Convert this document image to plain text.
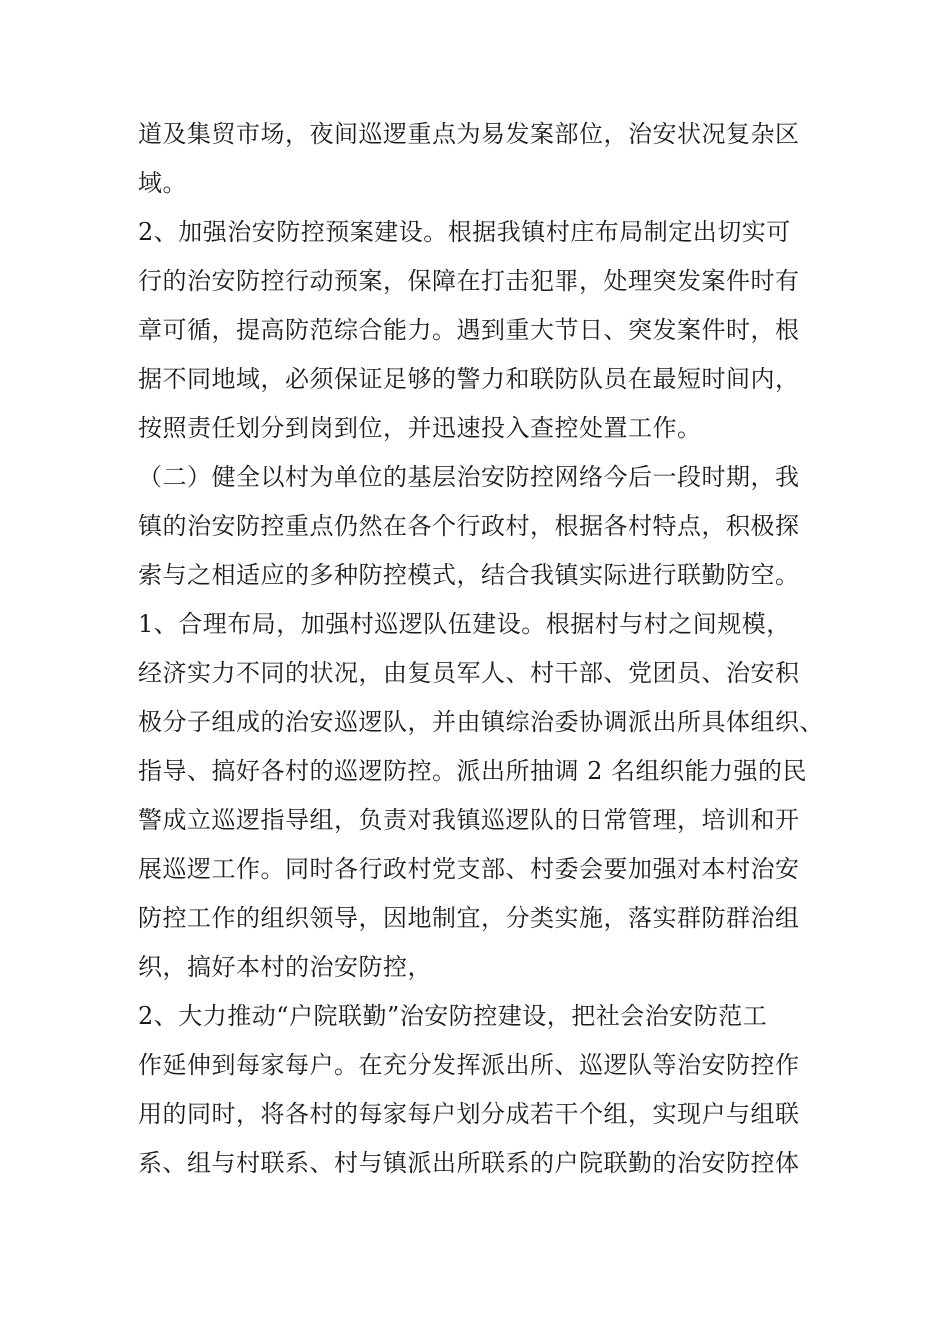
道及集贸市场，夜间巡逻重点为易发案部位，治安状况复杂区
域。
2、加强治安防控预案建设。根据我镇村庄布局制定出切实可
行的治安防控行动预案，保障在打击犯罪，处理突发案件时有
章可循，提高防范综合能力。遇到重大节日、突发案件时，根
据不同地域，必须保证足够的警力和联防队员在最短时间内，
按照责任划分到岗到位，并迅速投入查控处置工作。
（二）健全以村为单位的基层治安防控网络今后一段时期，我
镇的治安防控重点仍然在各个行政村，根据各村特点，积极探
索与之相适应的多种防控模式，结合我镇实际进行联勤防空。
1、合理布局，加强村巡逻队伍建设。根据村与村之间规模，
经济实力不同的状况，由复员军人、村干部、党团员、治安积
极分子组成的治安巡逻队，并由镇综治委协调派出所具体组织、
指导、搞好各村的巡逻防控。派出所抽调 2 名组织能力强的民
警成立巡逻指导组，负责对我镇巡逻队的日常管理，培训和开
展巡逻工作。同时各行政村党支部、村委会要加强对本村治安
防控工作的组织领导，因地制宜，分类实施，落实群防群治组
织，搞好本村的治安防控，
2、大力推动“户院联勤”治安防控建设，把社会治安防范工
作延伸到每家每户。在充分发挥派出所、巡逻队等治安防控作
用的同时，将各村的每家每户划分成若干个组，实现户与组联
系、组与村联系、村与镇派出所联系的户院联勤的治安防控体
